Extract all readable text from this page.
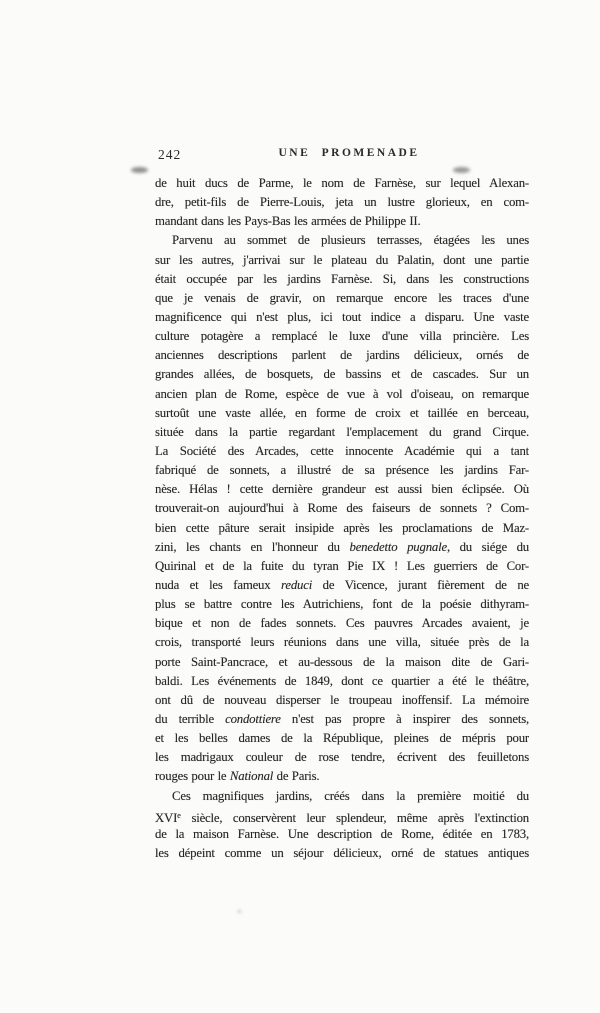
242	UNE PROMENADE
de huit ducs de Parme, le nom de Farnèse, sur lequel Alexan-
dre, petit-fils de Pierre-Louis, jeta un lustre glorieux, en com-
mandant dans les Pays-Bas les armées de Philippe II.
Parvenu au sommet de plusieurs terrasses, étagées les unes
sur les autres, j'arrivai sur le plateau du Palatin, dont une partie
était occupée par les jardins Farnèse. Si, dans les constructions
que je venais de gravir, on remarque encore les traces d'une
magnificence qui n'est plus, ici tout indice a disparu. Une vaste
culture potagère a remplacé le luxe d'une villa princière. Les
anciennes descriptions parlent de jardins délicieux, ornés de
grandes allées, de bosquets, de bassins et de cascades. Sur un
ancien plan de Rome, espèce de vue à vol d'oiseau, on remarque
surtoût une vaste allée, en forme de croix et taillée en berceau,
située dans la partie regardant l'emplacement du grand Cirque.
La Société des Arcades, cette innocente Académie qui a tant
fabriqué de sonnets, a illustré de sa présence les jardins Far-
nèse. Hélas ! cette dernière grandeur est aussi bien éclipsée. Où
trouverait-on aujourd'hui à Rome des faiseurs de sonnets ? Com-
bien cette pâture serait insipide après les proclamations de Maz-
zini, les chants en l'honneur du benedetto pugnale, du siége du
Quirinal et de la fuite du tyran Pie IX ! Les guerriers de Cor-
nuda et les fameux reduci de Vicence, jurant fièrement de ne
plus se battre contre les Autrichiens, font de la poésie dithyram-
bique et non de fades sonnets. Ces pauvres Arcades avaient, je
crois, transporté leurs réunions dans une villa, située près de la
porte Saint-Pancrace, et au-dessous de la maison dite de Gari-
baldi. Les événements de 1849, dont ce quartier a été le théâtre,
ont dû de nouveau disperser le troupeau inoffensif. La mémoire
du terrible condottiere n'est pas propre à inspirer des sonnets,
et les belles dames de la République, pleines de mépris pour
les madrigaux couleur de rose tendre, écrivent des feuilletons
rouges pour le National de Paris.
Ces magnifiques jardins, créés dans la première moitié du
XVIe siècle, conservèrent leur splendeur, même après l'extinction
de la maison Farnèse. Une description de Rome, éditée en 1783,
les dépeint comme un séjour délicieux, orné de statues antiques
